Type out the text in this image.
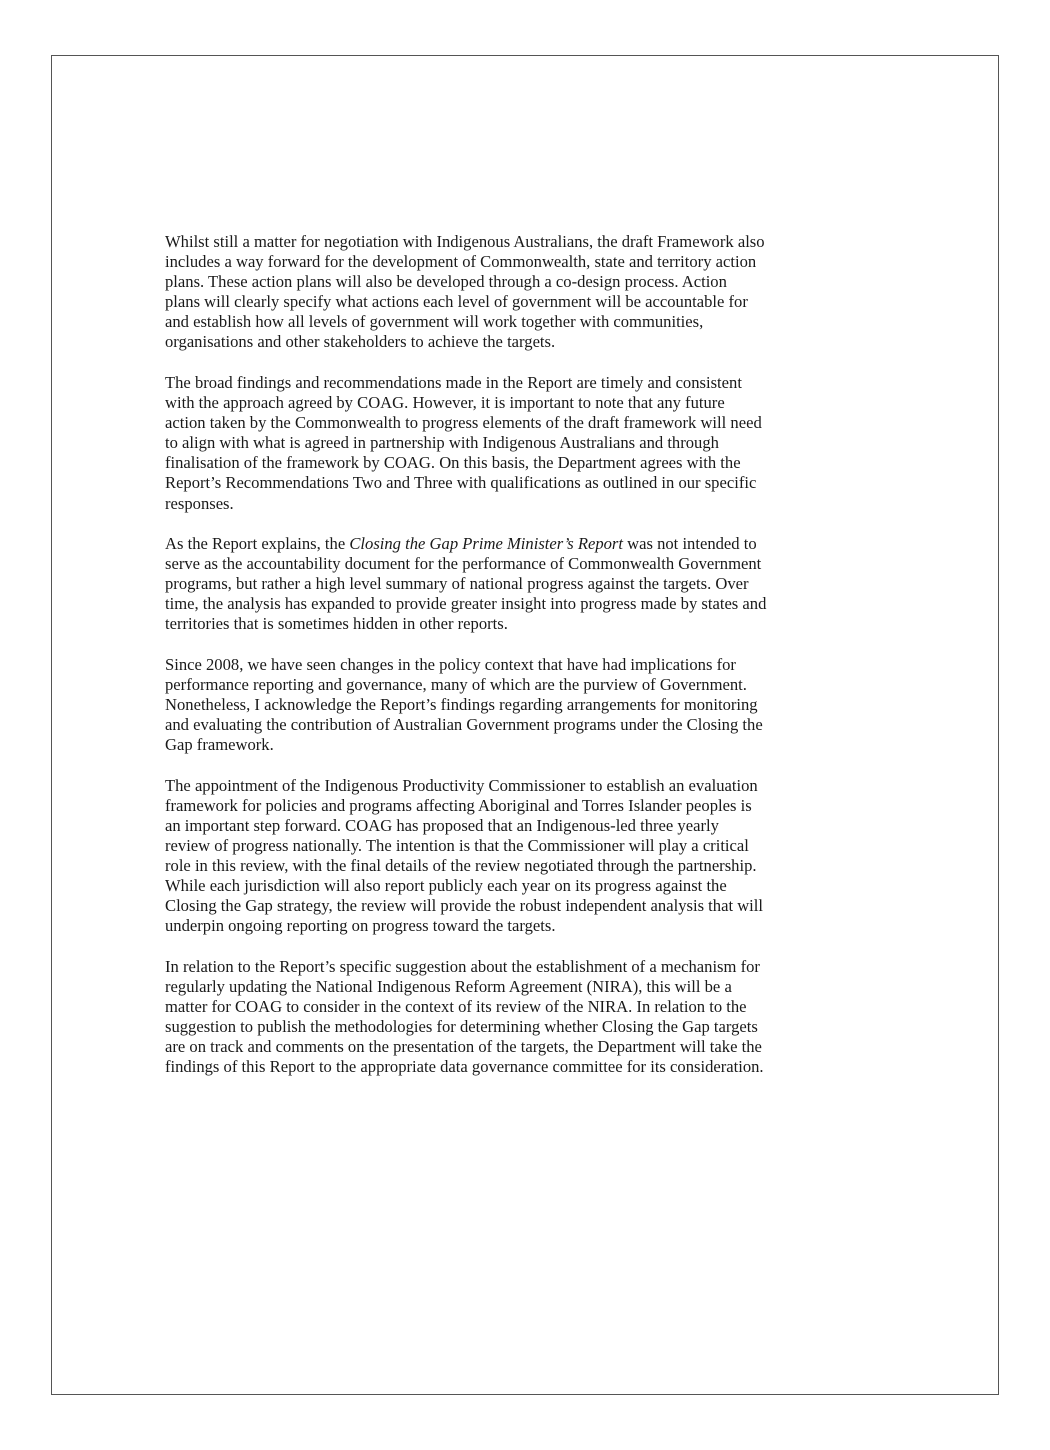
Whilst still a matter for negotiation with Indigenous Australians, the draft Framework also
includes a way forward for the development of Commonwealth, state and territory action
plans. These action plans will also be developed through a co-design process. Action
plans will clearly specify what actions each level of government will be accountable for
and establish how all levels of government will work together with communities,
organisations and other stakeholders to achieve the targets.

The broad findings and recommendations made in the Report are timely and consistent
with the approach agreed by COAG. However, it is important to note that any future
action taken by the Commonwealth to progress elements of the draft framework will need
to align with what is agreed in partnership with Indigenous Australians and through
finalisation of the framework by COAG. On this basis, the Department agrees with the
Report’s Recommendations Two and Three with qualifications as outlined in our specific
responses.

As the Report explains, the Closing the Gap Prime Minister’s Report was not intended to
serve as the accountability document for the performance of Commonwealth Government
programs, but rather a high level summary of national progress against the targets. Over
time, the analysis has expanded to provide greater insight into progress made by states and
territories that is sometimes hidden in other reports.

Since 2008, we have seen changes in the policy context that have had implications for
performance reporting and governance, many of which are the purview of Government.
Nonetheless, I acknowledge the Report’s findings regarding arrangements for monitoring
and evaluating the contribution of Australian Government programs under the Closing the
Gap framework.

The appointment of the Indigenous Productivity Commissioner to establish an evaluation
framework for policies and programs affecting Aboriginal and Torres Islander peoples is
an important step forward. COAG has proposed that an Indigenous-led three yearly
review of progress nationally. The intention is that the Commissioner will play a critical
role in this review, with the final details of the review negotiated through the partnership.
While each jurisdiction will also report publicly each year on its progress against the
Closing the Gap strategy, the review will provide the robust independent analysis that will
underpin ongoing reporting on progress toward the targets.

In relation to the Report’s specific suggestion about the establishment of a mechanism for
regularly updating the National Indigenous Reform Agreement (NIRA), this will be a
matter for COAG to consider in the context of its review of the NIRA. In relation to the
suggestion to publish the methodologies for determining whether Closing the Gap targets
are on track and comments on the presentation of the targets, the Department will take the
findings of this Report to the appropriate data governance committee for its consideration.
